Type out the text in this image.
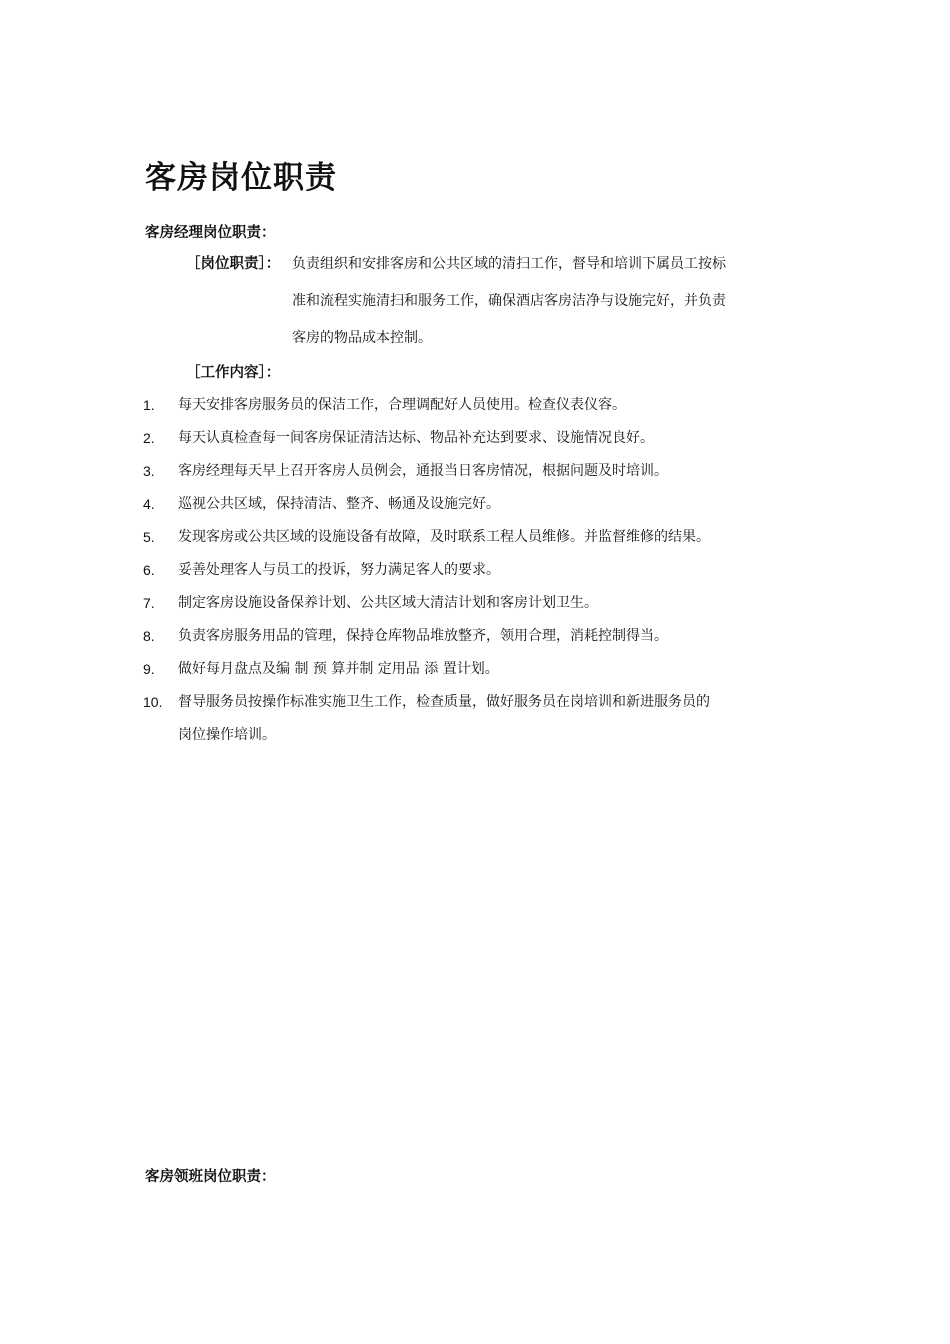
客房岗位职责
客房经理岗位职责：
［岗位职责］： 负责组织和安排客房和公共区域的清扫工作，督导和培训下属员工按标
准和流程实施清扫和服务工作，确保酒店客房洁净与设施完好，并负责
客房的物品成本控制。
［工作内容］：
1.	每天安排客房服务员的保洁工作，合理调配好人员使用。检查仪表仪容。
2.	每天认真检查每一间客房保证清洁达标、物品补充达到要求、设施情况良好。
3.	客房经理每天早上召开客房人员例会，通报当日客房情况，根据问题及时培训。
4.	巡视公共区域，保持清洁、整齐、畅通及设施完好。
5.	发现客房或公共区域的设施设备有故障，及时联系工程人员维修。并监督维修的结果。
6.	妥善处理客人与员工的投诉，努力满足客人的要求。
7.	制定客房设施设备保养计划、公共区域大清洁计划和客房计划卫生。
8.	负责客房服务用品的管理，保持仓库物品堆放整齐，领用合理，消耗控制得当。
9.	做好每月盘点及编 制 预 算并制 定用品 添 置计划。
10.	督导服务员按操作标准实施卫生工作，检查质量，做好服务员在岗培训和新进服务员的
岗位操作培训。
客房领班岗位职责：
